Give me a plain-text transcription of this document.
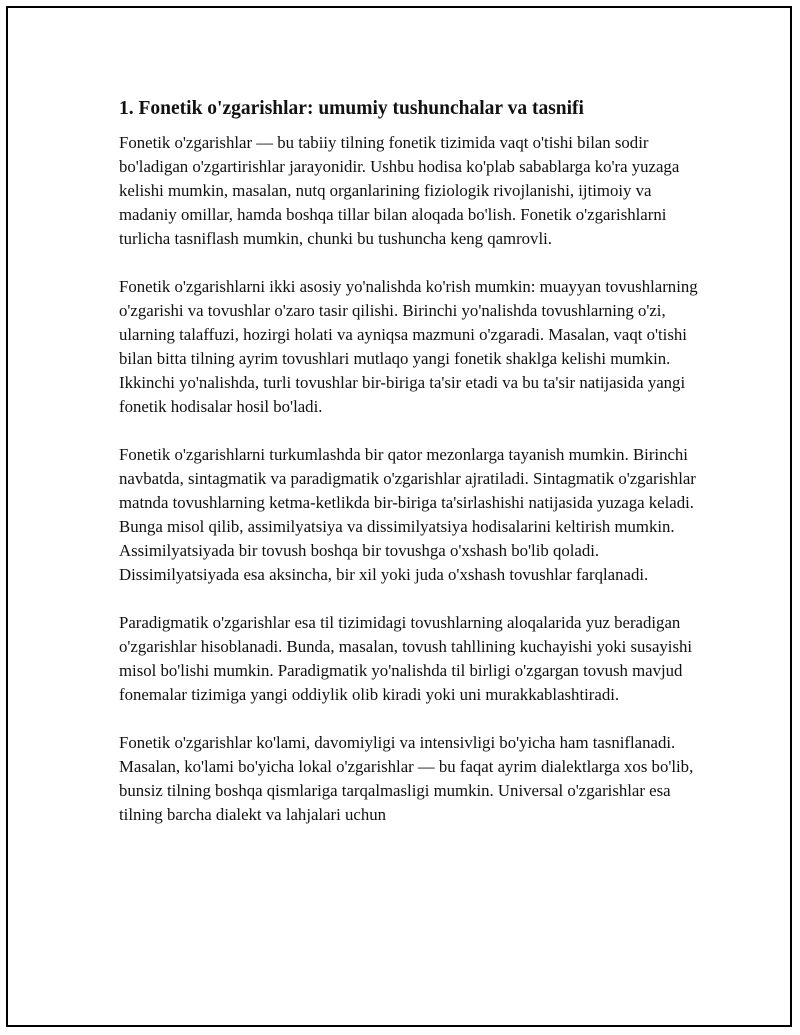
1. Fonetik o'zgarishlar: umumiy tushunchalar va tasnifi

Fonetik o'zgarishlar — bu tabiiy tilning fonetik tizimida vaqt o'tishi bilan sodir bo'ladigan o'zgartirishlar jarayonidir. Ushbu hodisa ko'plab sabablarga ko'ra yuzaga kelishi mumkin, masalan, nutq organlarining fiziologik rivojlanishi, ijtimoiy va madaniy omillar, hamda boshqa tillar bilan aloqada bo'lish. Fonetik o'zgarishlarni turlicha tasniflash mumkin, chunki bu tushuncha keng qamrovli.

Fonetik o'zgarishlarni ikki asosiy yo'nalishda ko'rish mumkin: muayyan tovushlarning o'zgarishi va tovushlar o'zaro tasir qilishi. Birinchi yo'nalishda tovushlarning o'zi, ularning talaffuzi, hozirgi holati va ayniqsa mazmuni o'zgaradi. Masalan, vaqt o'tishi bilan bitta tilning ayrim tovushlari mutlaqo yangi fonetik shaklga kelishi mumkin. Ikkinchi yo'nalishda, turli tovushlar bir-biriga ta'sir etadi va bu ta'sir natijasida yangi fonetik hodisalar hosil bo'ladi.

Fonetik o'zgarishlarni turkumlashda bir qator mezonlarga tayanish mumkin. Birinchi navbatda, sintagmatik va paradigmatik o'zgarishlar ajratiladi. Sintagmatik o'zgarishlar matnda tovushlarning ketma-ketlikda bir-biriga ta'sirlashishi natijasida yuzaga keladi. Bunga misol qilib, assimilyatsiya va dissimilyatsiya hodisalarini keltirish mumkin. Assimilyatsiyada bir tovush boshqa bir tovushga o'xshash bo'lib qoladi. Dissimilyatsiyada esa aksincha, bir xil yoki juda o'xshash tovushlar farqlanadi.

Paradigmatik o'zgarishlar esa til tizimidagi tovushlarning aloqalarida yuz beradigan o'zgarishlar hisoblanadi. Bunda, masalan, tovush tahllining kuchayishi yoki susayishi misol bo'lishi mumkin. Paradigmatik yo'nalishda til birligi o'zgargan tovush mavjud fonemalar tizimiga yangi oddiylik olib kiradi yoki uni murakkablashtiradi.

Fonetik o'zgarishlar ko'lami, davomiyligi va intensivligi bo'yicha ham tasniflanadi. Masalan, ko'lami bo'yicha lokal o'zgarishlar — bu faqat ayrim dialektlarga xos bo'lib, bunsiz tilning boshqa qismlariga tarqalmasligi mumkin. Universal o'zgarishlar esa tilning barcha dialekt va lahjalari uchun
